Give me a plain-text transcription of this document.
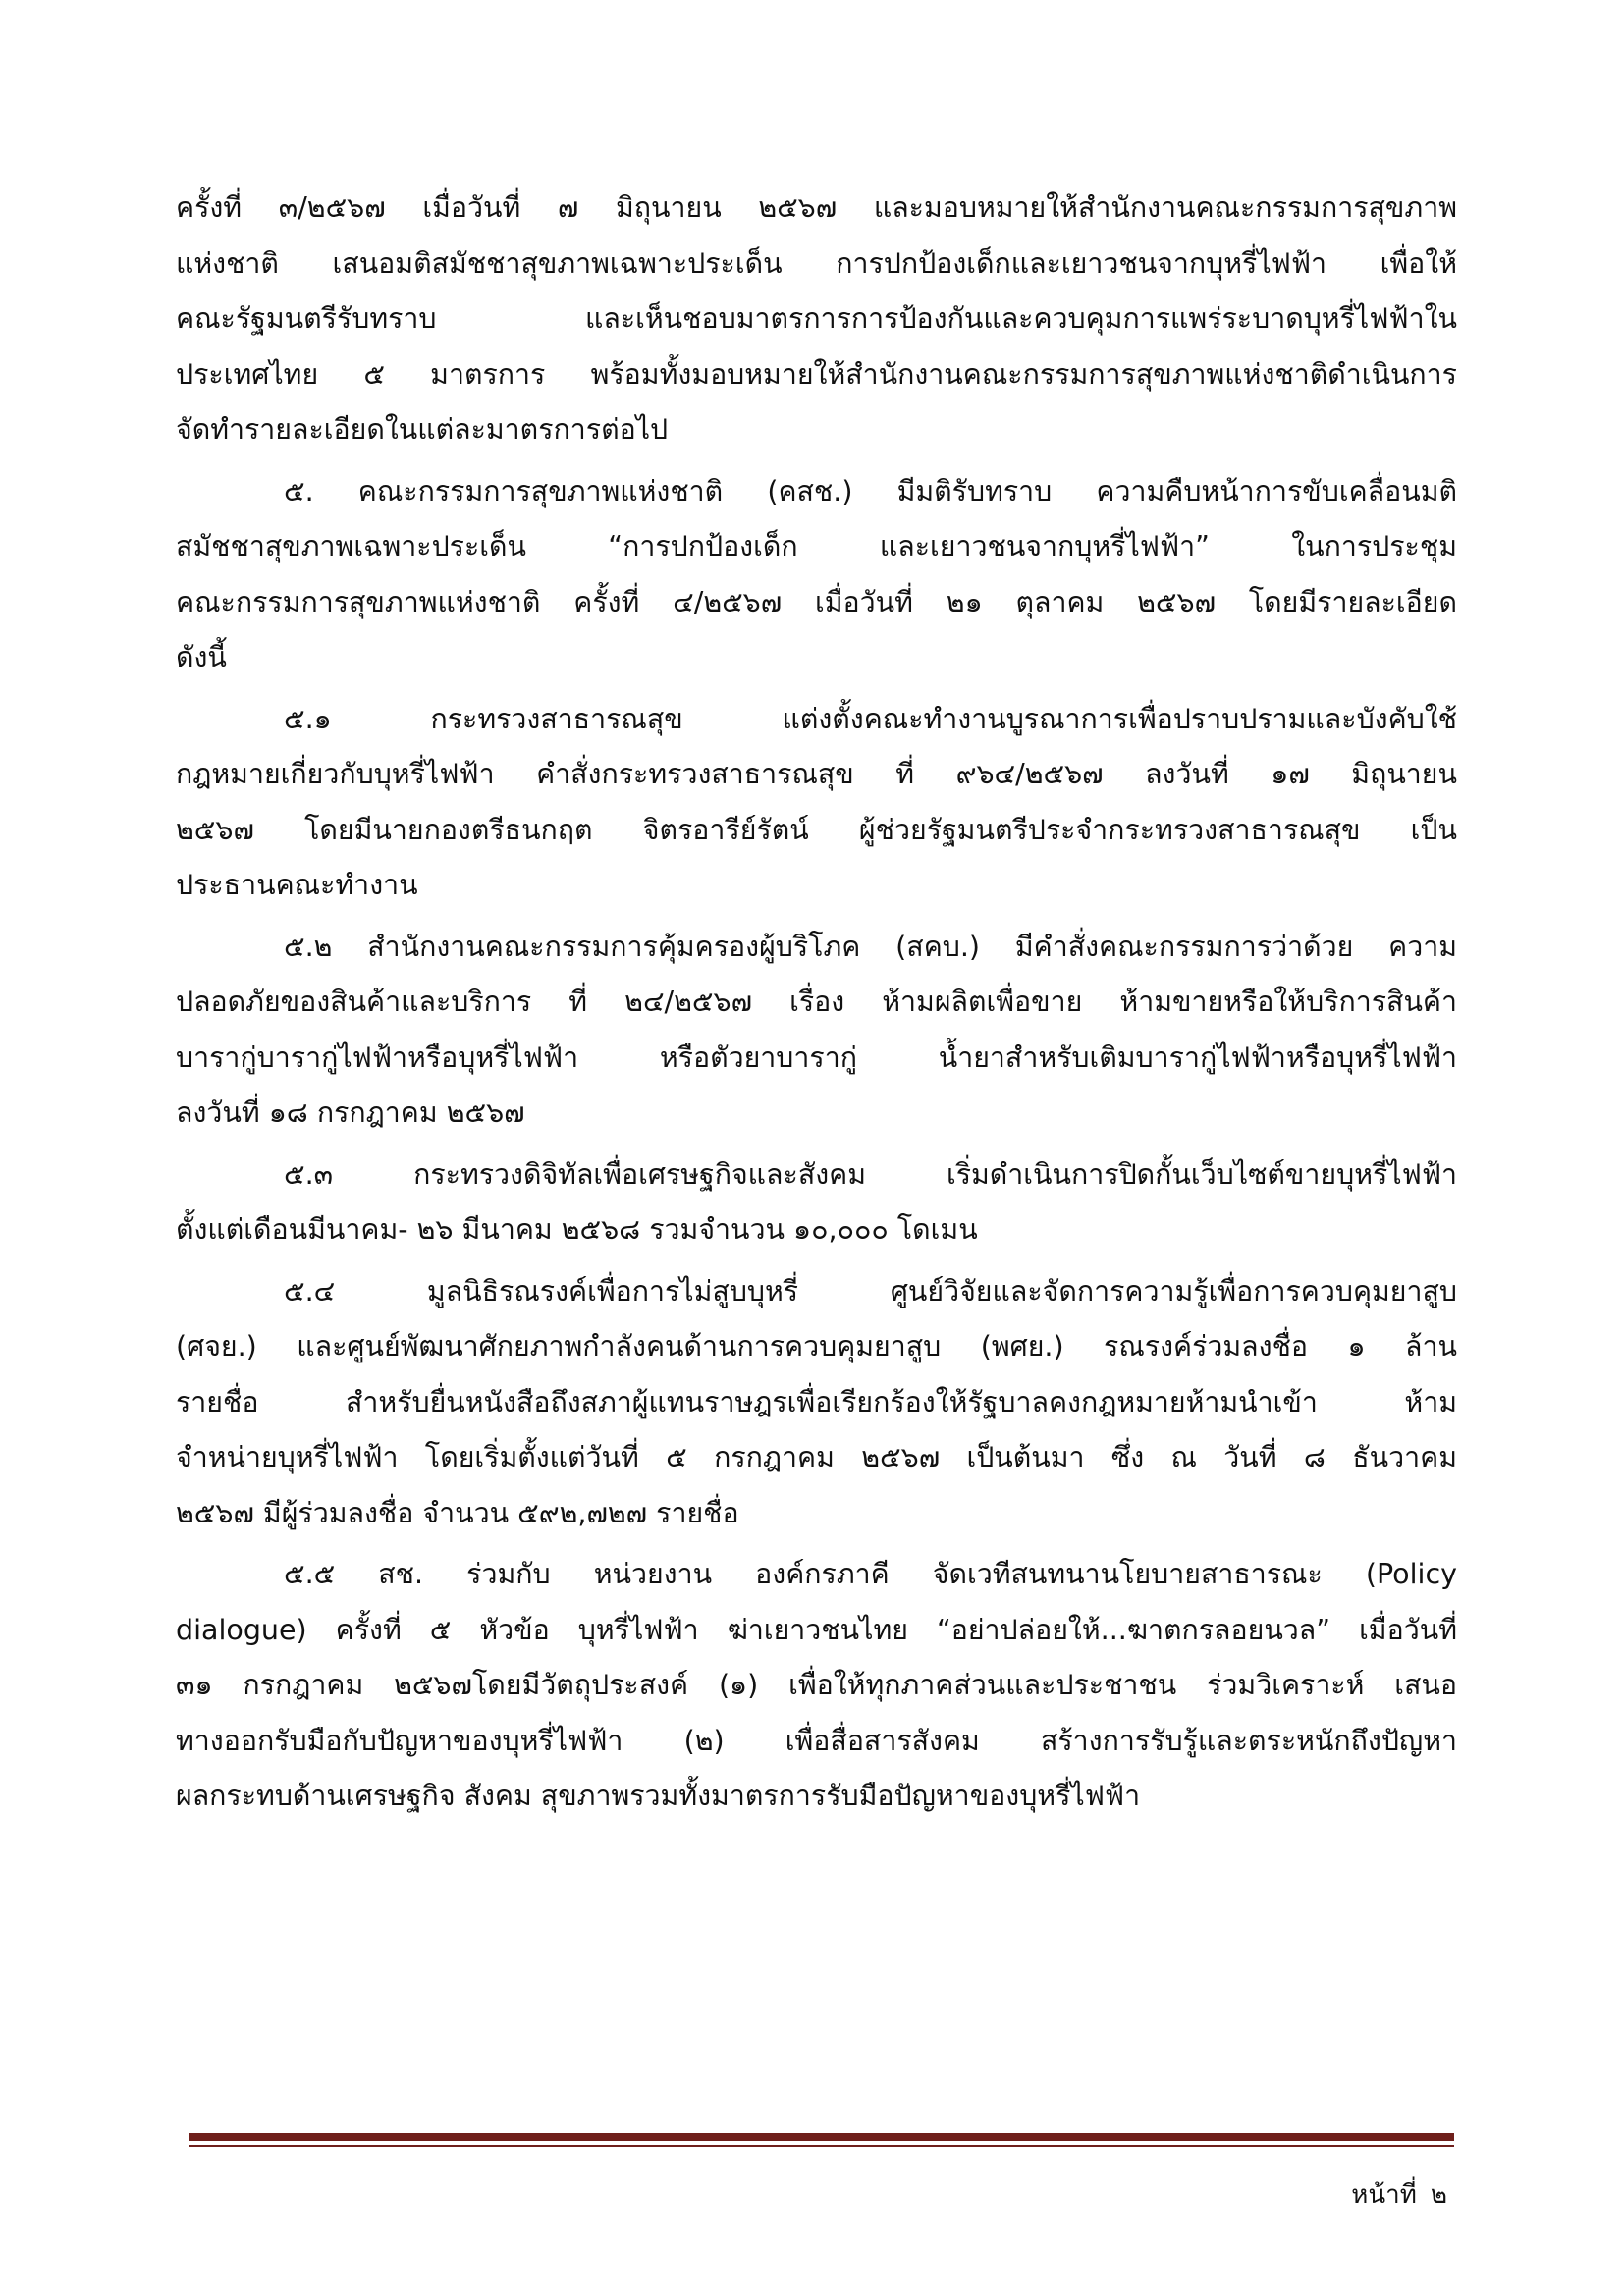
ครั้งที่ ๓/๒๕๖๗ เมื่อวันที่ ๗ มิถุนายน ๒๕๖๗ และมอบหมายให้สำนักงานคณะกรรมการสุขภาพ

แห่งชาติ เสนอมติสมัชชาสุขภาพเฉพาะประเด็น การปกป้องเด็กและเยาวชนจากบุหรี่ไฟฟ้า เพื่อให้

คณะรัฐมนตรีรับทราบ และเห็นชอบมาตรการการป้องกันและควบคุมการแพร่ระบาดบุหรี่ไฟฟ้าใน

ประเทศไทย ๕ มาตรการ พร้อมทั้งมอบหมายให้สำนักงานคณะกรรมการสุขภาพแห่งชาติดำเนินการ

จัดทำรายละเอียดในแต่ละมาตรการต่อไป

๕. คณะกรรมการสุขภาพแห่งชาติ (คสช.) มีมติรับทราบ ความคืบหน้าการขับเคลื่อนมติ

สมัชชาสุขภาพเฉพาะประเด็น “การปกป้องเด็ก และเยาวชนจากบุหรี่ไฟฟ้า” ในการประชุม

คณะกรรมการสุขภาพแห่งชาติ ครั้งที่ ๔/๒๕๖๗ เมื่อวันที่ ๒๑ ตุลาคม ๒๕๖๗ โดยมีรายละเอียด

ดังนี้

๕.๑ กระทรวงสาธารณสุข แต่งตั้งคณะทำงานบูรณาการเพื่อปราบปรามและบังคับใช้

กฎหมายเกี่ยวกับบุหรี่ไฟฟ้า คำสั่งกระทรวงสาธารณสุข ที่ ๙๖๔/๒๕๖๗ ลงวันที่ ๑๗ มิถุนายน

๒๕๖๗ โดยมีนายกองตรีธนกฤต จิตรอารีย์รัตน์ ผู้ช่วยรัฐมนตรีประจำกระทรวงสาธารณสุข เป็น

ประธานคณะทำงาน

๕.๒ สำนักงานคณะกรรมการคุ้มครองผู้บริโภค (สคบ.) มีคำสั่งคณะกรรมการว่าด้วย ความ

ปลอดภัยของสินค้าและบริการ ที่ ๒๔/๒๕๖๗ เรื่อง ห้ามผลิตเพื่อขาย ห้ามขายหรือให้บริการสินค้า

บารากู่บารากู่ไฟฟ้าหรือบุหรี่ไฟฟ้า หรือตัวยาบารากู่ น้ำยาสำหรับเติมบารากู่ไฟฟ้าหรือบุหรี่ไฟฟ้า

ลงวันที่ ๑๘ กรกฎาคม ๒๕๖๗

๕.๓ กระทรวงดิจิทัลเพื่อเศรษฐกิจและสังคม เริ่มดำเนินการปิดกั้นเว็บไซต์ขายบุหรี่ไฟฟ้า

ตั้งแต่เดือนมีนาคม- ๒๖ มีนาคม ๒๕๖๘ รวมจำนวน ๑๐,๐๐๐ โดเมน

๕.๔ มูลนิธิรณรงค์เพื่อการไม่สูบบุหรี่ ศูนย์วิจัยและจัดการความรู้เพื่อการควบคุมยาสูบ

(ศจย.) และศูนย์พัฒนาศักยภาพกำลังคนด้านการควบคุมยาสูบ (พศย.) รณรงค์ร่วมลงชื่อ ๑ ล้าน

รายชื่อ สำหรับยื่นหนังสือถึงสภาผู้แทนราษฎรเพื่อเรียกร้องให้รัฐบาลคงกฎหมายห้ามนำเข้า ห้าม

จำหน่ายบุหรี่ไฟฟ้า โดยเริ่มตั้งแต่วันที่ ๕ กรกฎาคม ๒๕๖๗ เป็นต้นมา ซึ่ง ณ วันที่ ๘ ธันวาคม

๒๕๖๗ มีผู้ร่วมลงชื่อ จำนวน ๕๙๒,๗๒๗ รายชื่อ

๕.๕ สช. ร่วมกับ หน่วยงาน องค์กรภาคี จัดเวทีสนทนานโยบายสาธารณะ (Policy

dialogue) ครั้งที่ ๕ หัวข้อ บุหรี่ไฟฟ้า ฆ่าเยาวชนไทย “อย่าปล่อยให้...ฆาตกรลอยนวล” เมื่อวันที่

๓๑ กรกฎาคม ๒๕๖๗โดยมีวัตถุประสงค์ (๑) เพื่อให้ทุกภาคส่วนและประชาชน ร่วมวิเคราะห์ เสนอ

ทางออกรับมือกับปัญหาของบุหรี่ไฟฟ้า (๒) เพื่อสื่อสารสังคม สร้างการรับรู้และตระหนักถึงปัญหา

ผลกระทบด้านเศรษฐกิจ สังคม สุขภาพรวมทั้งมาตรการรับมือปัญหาของบุหรี่ไฟฟ้า

หน้าที่ ๒
